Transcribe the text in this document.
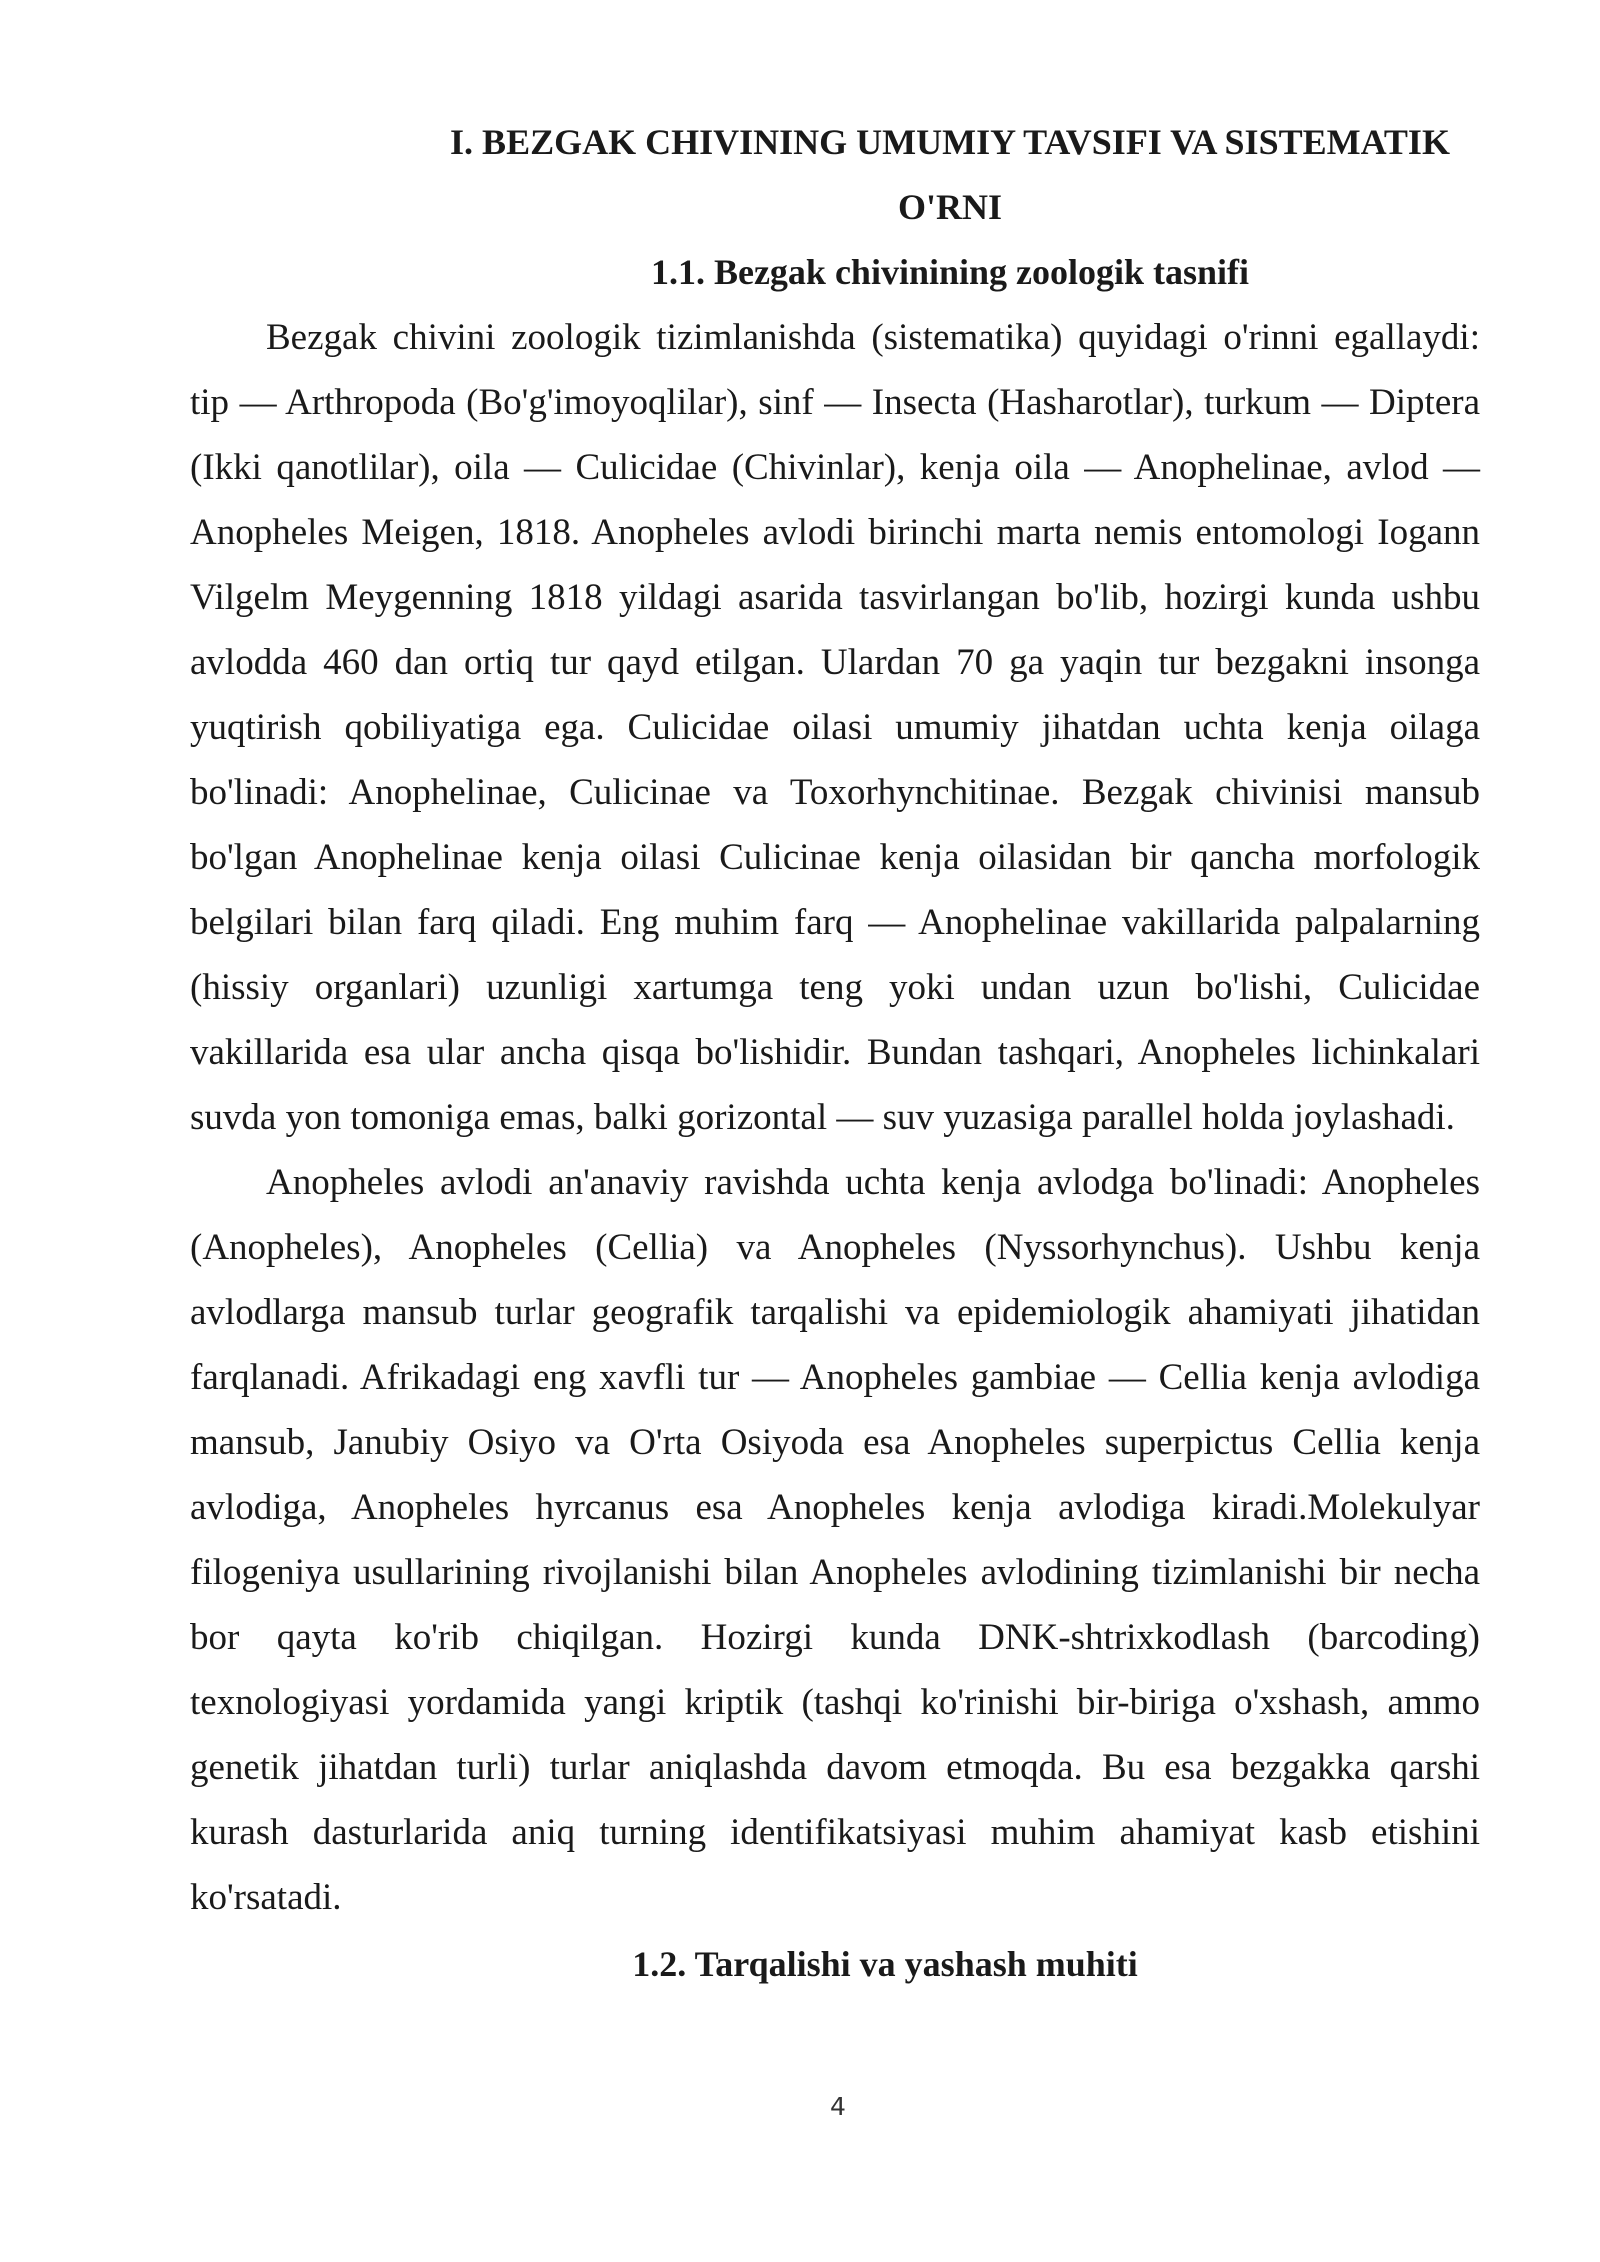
I. BEZGAK CHIVINING UMUMIY TAVSIFI VA SISTEMATIK
O'RNI
1.1. Bezgak chivinining zoologik tasnifi

Bezgak chivini zoologik tizimlanishda (sistematika) quyidagi o'rinni egallaydi: tip — Arthropoda (Bo'g'imoyoqlilar), sinf — Insecta (Hasharotlar), turkum — Diptera (Ikki qanotlilar), oila — Culicidae (Chivinlar), kenja oila — Anophelinae, avlod — Anopheles Meigen, 1818. Anopheles avlodi birinchi marta nemis entomologi Iogann Vilgelm Meygenning 1818 yildagi asarida tasvirlangan bo'lib, hozirgi kunda ushbu avlodda 460 dan ortiq tur qayd etilgan. Ulardan 70 ga yaqin tur bezgakni insonga yuqtirish qobiliyatiga ega. Culicidae oilasi umumiy jihatdan uchta kenja oilaga bo'linadi: Anophelinae, Culicinae va Toxorhynchitinae. Bezgak chivinisi mansub bo'lgan Anophelinae kenja oilasi Culicinae kenja oilasidan bir qancha morfologik belgilari bilan farq qiladi. Eng muhim farq — Anophelinae vakillarida palpalarning (hissiy organlari) uzunligi xartumga teng yoki undan uzun bo'lishi, Culicidae vakillarida esa ular ancha qisqa bo'lishidir. Bundan tashqari, Anopheles lichinkalari suvda yon tomoniga emas, balki gorizontal — suv yuzasiga parallel holda joylashadi.

Anopheles avlodi an'anaviy ravishda uchta kenja avlodga bo'linadi: Anopheles (Anopheles), Anopheles (Cellia) va Anopheles (Nyssorhynchus). Ushbu kenja avlodlarga mansub turlar geografik tarqalishi va epidemiologik ahamiyati jihatidan farqlanadi. Afrikadagi eng xavfli tur — Anopheles gambiae — Cellia kenja avlodiga mansub, Janubiy Osiyo va O'rta Osiyoda esa Anopheles superpictus Cellia kenja avlodiga, Anopheles hyrcanus esa Anopheles kenja avlodiga kiradi.Molekulyar filogeniya usullarining rivojlanishi bilan Anopheles avlodining tizimlanishi bir necha bor qayta ko'rib chiqilgan. Hozirgi kunda DNK-shtrixkodlash (barcoding) texnologiyasi yordamida yangi kriptik (tashqi ko'rinishi bir-biriga o'xshash, ammo genetik jihatdan turli) turlar aniqlashda davom etmoqda. Bu esa bezgakka qarshi kurash dasturlarida aniq turning identifikatsiyasi muhim ahamiyat kasb etishini ko'rsatadi.

1.2. Tarqalishi va yashash muhiti
4
